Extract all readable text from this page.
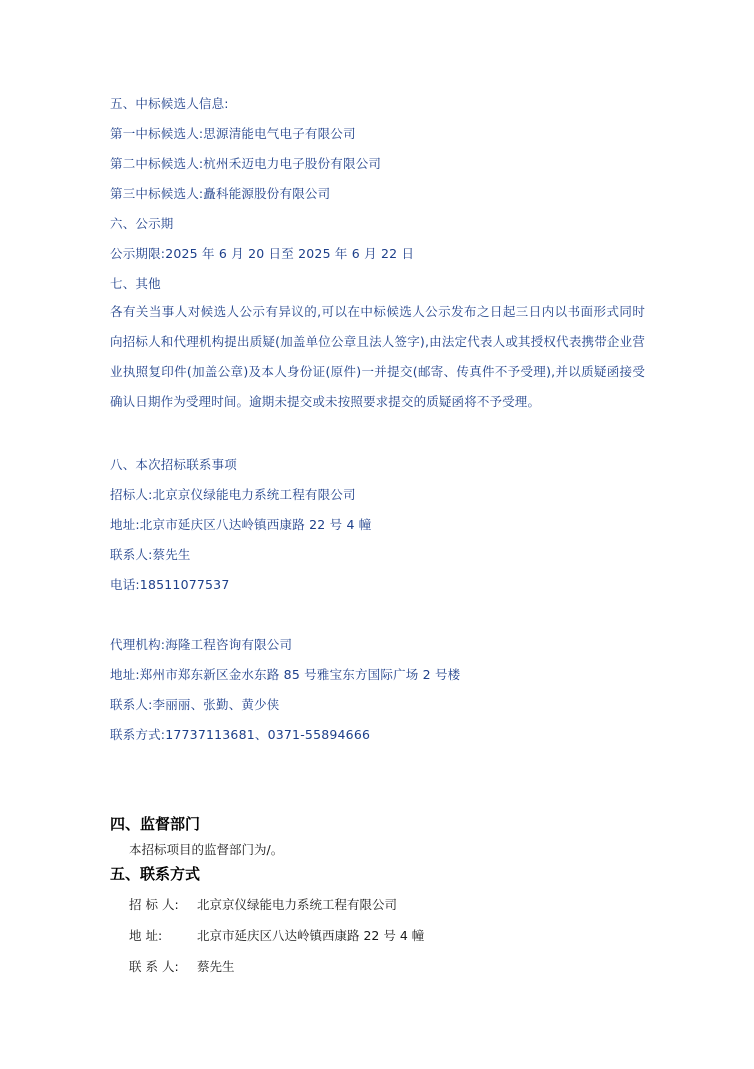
五、中标候选人信息:
第一中标候选人:思源清能电气电子有限公司
第二中标候选人:杭州禾迈电力电子股份有限公司
第三中标候选人:矗科能源股份有限公司
六、公示期
公示期限:2025 年 6 月 20 日至 2025 年 6 月 22 日
七、其他
各有关当事人对候选人公示有异议的,可以在中标候选人公示发布之日起三日内以书面形式同时向招标人和代理机构提出质疑(加盖单位公章且法人签字),由法定代表人或其授权代表携带企业营业执照复印件(加盖公章)及本人身份证(原件)一并提交(邮寄、传真件不予受理),并以质疑函接受确认日期作为受理时间。逾期未提交或未按照要求提交的质疑函将不予受理。
八、本次招标联系事项
招标人:北京京仪绿能电力系统工程有限公司
地址:北京市延庆区八达岭镇西康路 22 号 4 幢
联系人:蔡先生
电话:18511077537
代理机构:海隆工程咨询有限公司
地址:郑州市郑东新区金水东路 85 号雅宝东方国际广场 2 号楼
联系人:李丽丽、张勤、黄少侠
联系方式:17737113681、0371-55894666
四、监督部门
本招标项目的监督部门为/。
五、联系方式
招 标 人: 北京京仪绿能电力系统工程有限公司
地 址:	北京市延庆区八达岭镇西康路 22 号 4 幢
联 系 人: 蔡先生
